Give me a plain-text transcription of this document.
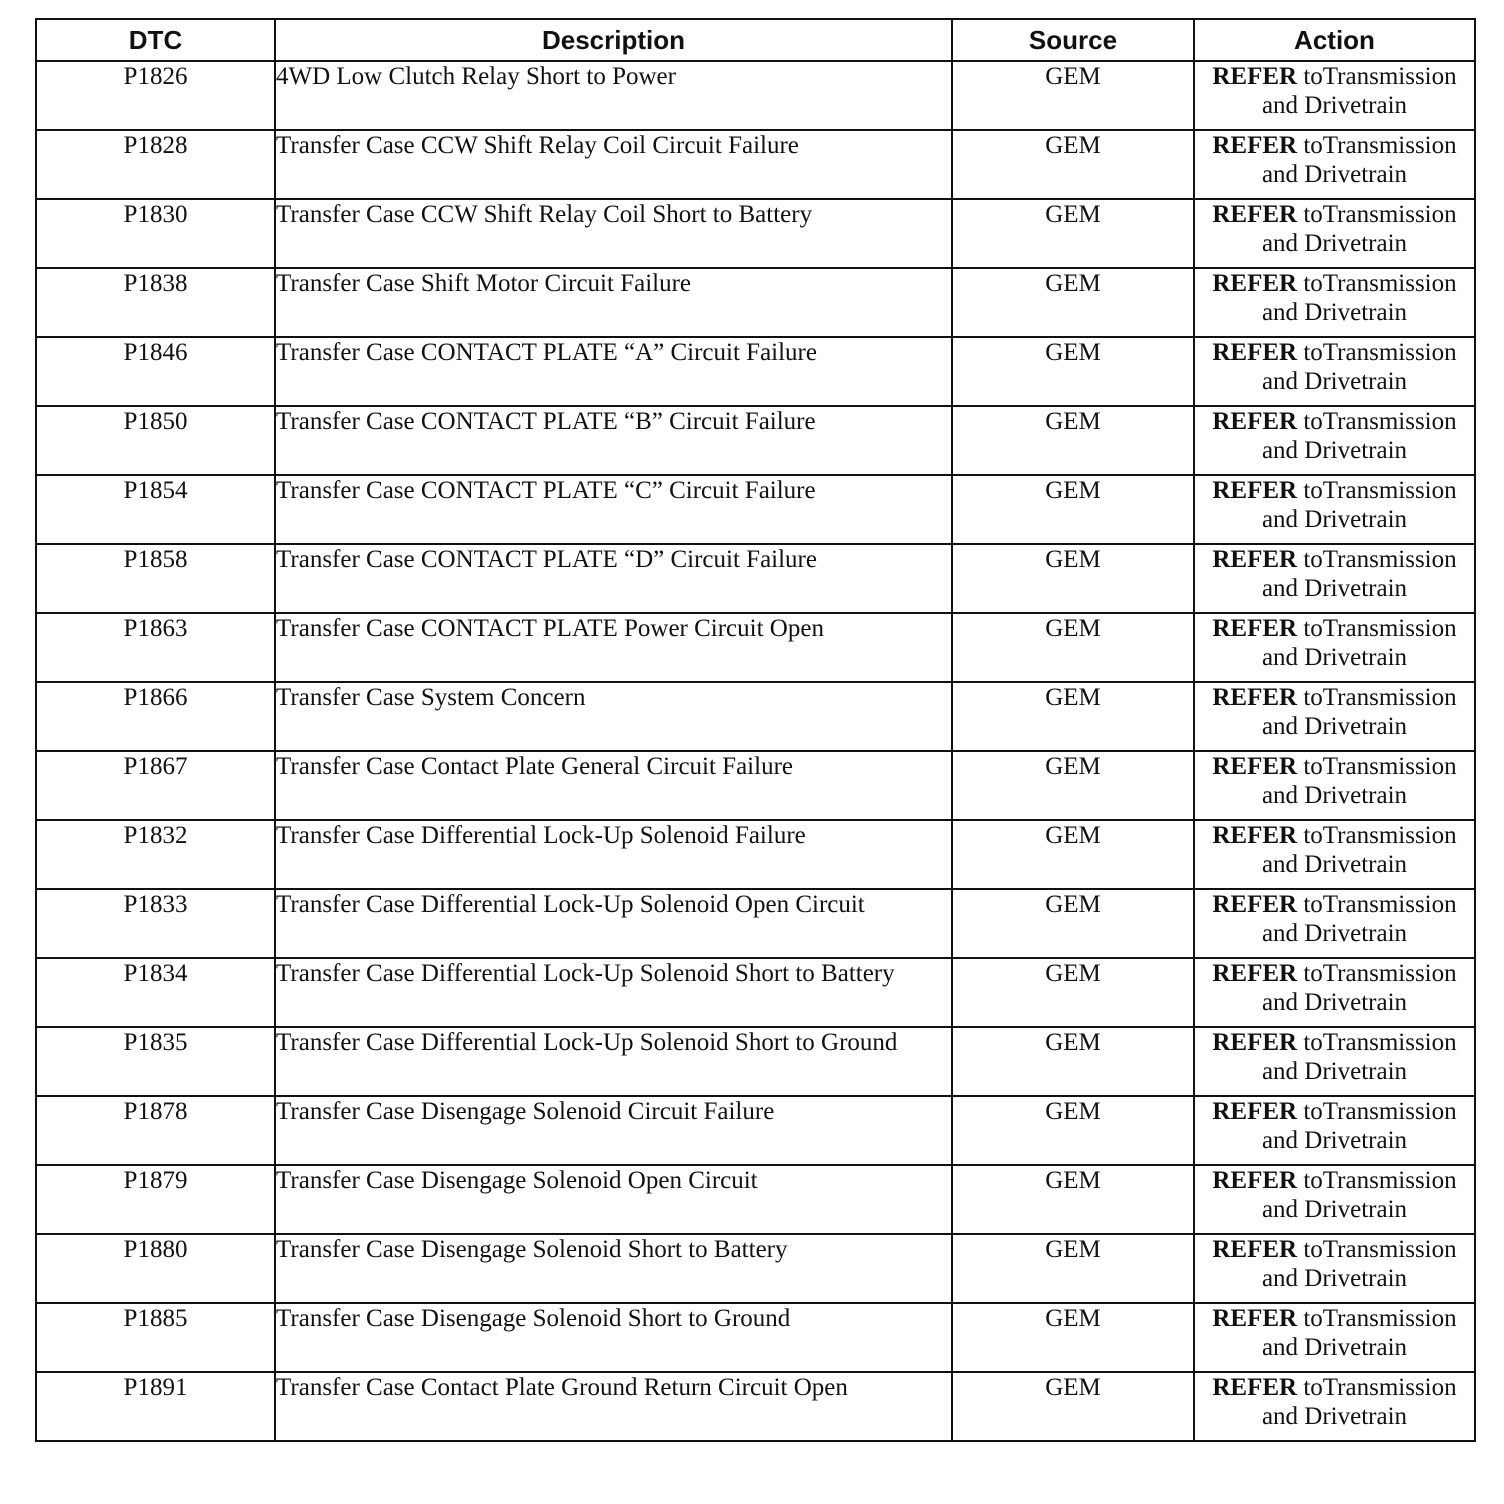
DTC	Description	Source	Action
P1826	4WD Low Clutch Relay Short to Power	GEM	REFER toTransmission
and Drivetrain

P1828	Transfer Case CCW Shift Relay Coil Circuit Failure	GEM	REFER toTransmission
and Drivetrain

P1830	Transfer Case CCW Shift Relay Coil Short to Battery	GEM	REFER toTransmission
and Drivetrain

P1838	Transfer Case Shift Motor Circuit Failure	GEM	REFER toTransmission
and Drivetrain

P1846	Transfer Case CONTACT PLATE “A” Circuit Failure	GEM	REFER toTransmission
and Drivetrain

P1850	Transfer Case CONTACT PLATE “B” Circuit Failure	GEM	REFER toTransmission
and Drivetrain

P1854	Transfer Case CONTACT PLATE “C” Circuit Failure	GEM	REFER toTransmission
and Drivetrain

P1858	Transfer Case CONTACT PLATE “D” Circuit Failure	GEM	REFER toTransmission
and Drivetrain

P1863	Transfer Case CONTACT PLATE Power Circuit Open	GEM	REFER toTransmission
and Drivetrain

P1866	Transfer Case System Concern	GEM	REFER toTransmission
and Drivetrain

P1867	Transfer Case Contact Plate General Circuit Failure	GEM	REFER toTransmission
and Drivetrain

P1832	Transfer Case Differential Lock-Up Solenoid Failure	GEM	REFER toTransmission
and Drivetrain

P1833	Transfer Case Differential Lock-Up Solenoid Open Circuit	GEM	REFER toTransmission
and Drivetrain

P1834	Transfer Case Differential Lock-Up Solenoid Short to Battery	GEM	REFER toTransmission
and Drivetrain

P1835	Transfer Case Differential Lock-Up Solenoid Short to Ground	GEM	REFER toTransmission
and Drivetrain

P1878	Transfer Case Disengage Solenoid Circuit Failure	GEM	REFER toTransmission
and Drivetrain

P1879	Transfer Case Disengage Solenoid Open Circuit	GEM	REFER toTransmission
and Drivetrain

P1880	Transfer Case Disengage Solenoid Short to Battery	GEM	REFER toTransmission
and Drivetrain

P1885	Transfer Case Disengage Solenoid Short to Ground	GEM	REFER toTransmission
and Drivetrain

P1891	Transfer Case Contact Plate Ground Return Circuit Open	GEM	REFER toTransmission
and Drivetrain
